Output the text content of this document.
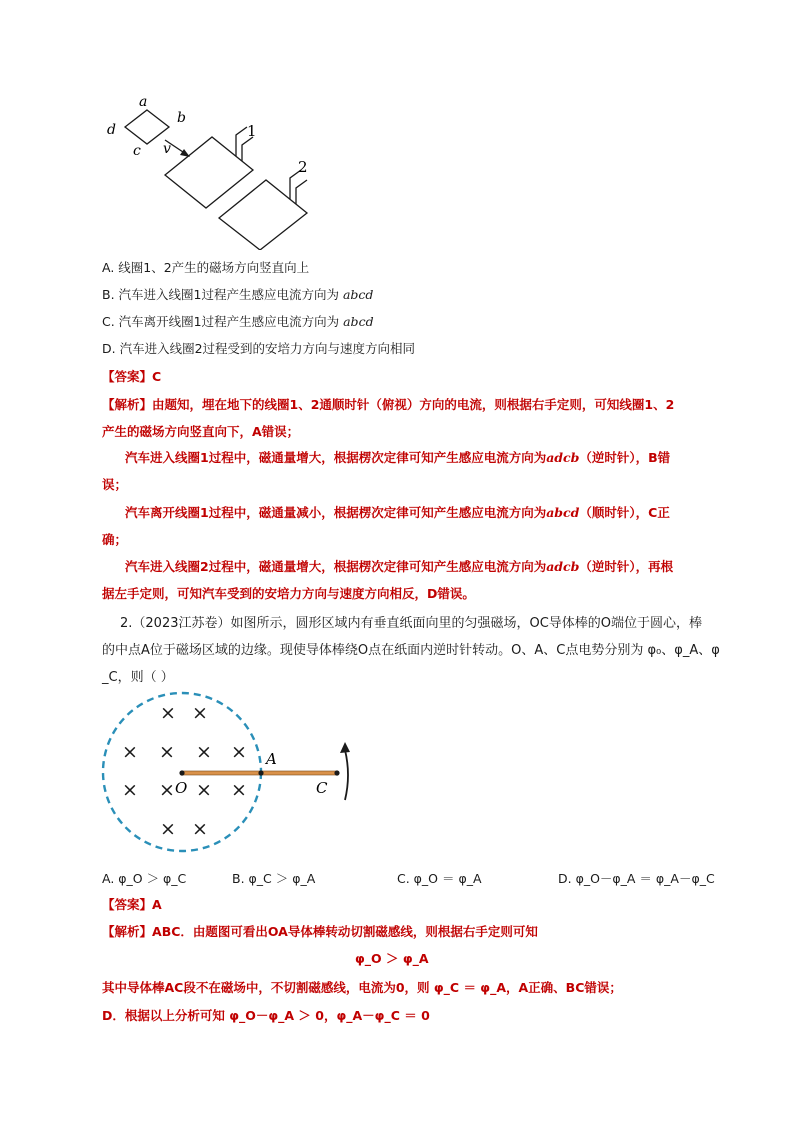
a
b
c
d
v
1
2
A. 线圈1、2产生的磁场方向竖直向上
B. 汽车进入线圈1过程产生感应电流方向为 abcd
C. 汽车离开线圈1过程产生感应电流方向为 abcd
D. 汽车进入线圈2过程受到的安培力方向与速度方向相同
【答案】C
【解析】由题知，埋在地下的线圈1、2通顺时针（俯视）方向的电流，则根据右手定则，可知线圈1、2
产生的磁场方向竖直向下，A错误；
汽车进入线圈1过程中，磁通量增大，根据楞次定律可知产生感应电流方向为adcb（逆时针），B错
误；
汽车离开线圈1过程中，磁通量减小，根据楞次定律可知产生感应电流方向为abcd（顺时针），C正
确；
汽车进入线圈2过程中，磁通量增大，根据楞次定律可知产生感应电流方向为adcb（逆时针），再根
据左手定则，可知汽车受到的安培力方向与速度方向相反，D错误。
2.（2023江苏卷）如图所示，圆形区域内有垂直纸面向里的匀强磁场，OC导体棒的O端位于圆心，棒
的中点A位于磁场区域的边缘。现使导体棒绕O点在纸面内逆时针转动。O、A、C点电势分别为 φ₀、φ_A、φ
_C，则（ ）
× ×
× × × ×
× × × ×
× ×
O
A
C
A. φ_O ＞ φ_C	B. φ_C ＞ φ_A	C. φ_O ＝ φ_A	D. φ_O－φ_A ＝ φ_A－φ_C
【答案】A
【解析】ABC．由题图可看出OA导体棒转动切割磁感线，则根据右手定则可知
φ_O ＞ φ_A
其中导体棒AC段不在磁场中，不切割磁感线，电流为0，则 φ_C ＝ φ_A，A正确、BC错误；
D．根据以上分析可知 φ_O－φ_A ＞ 0，φ_A－φ_C ＝ 0
